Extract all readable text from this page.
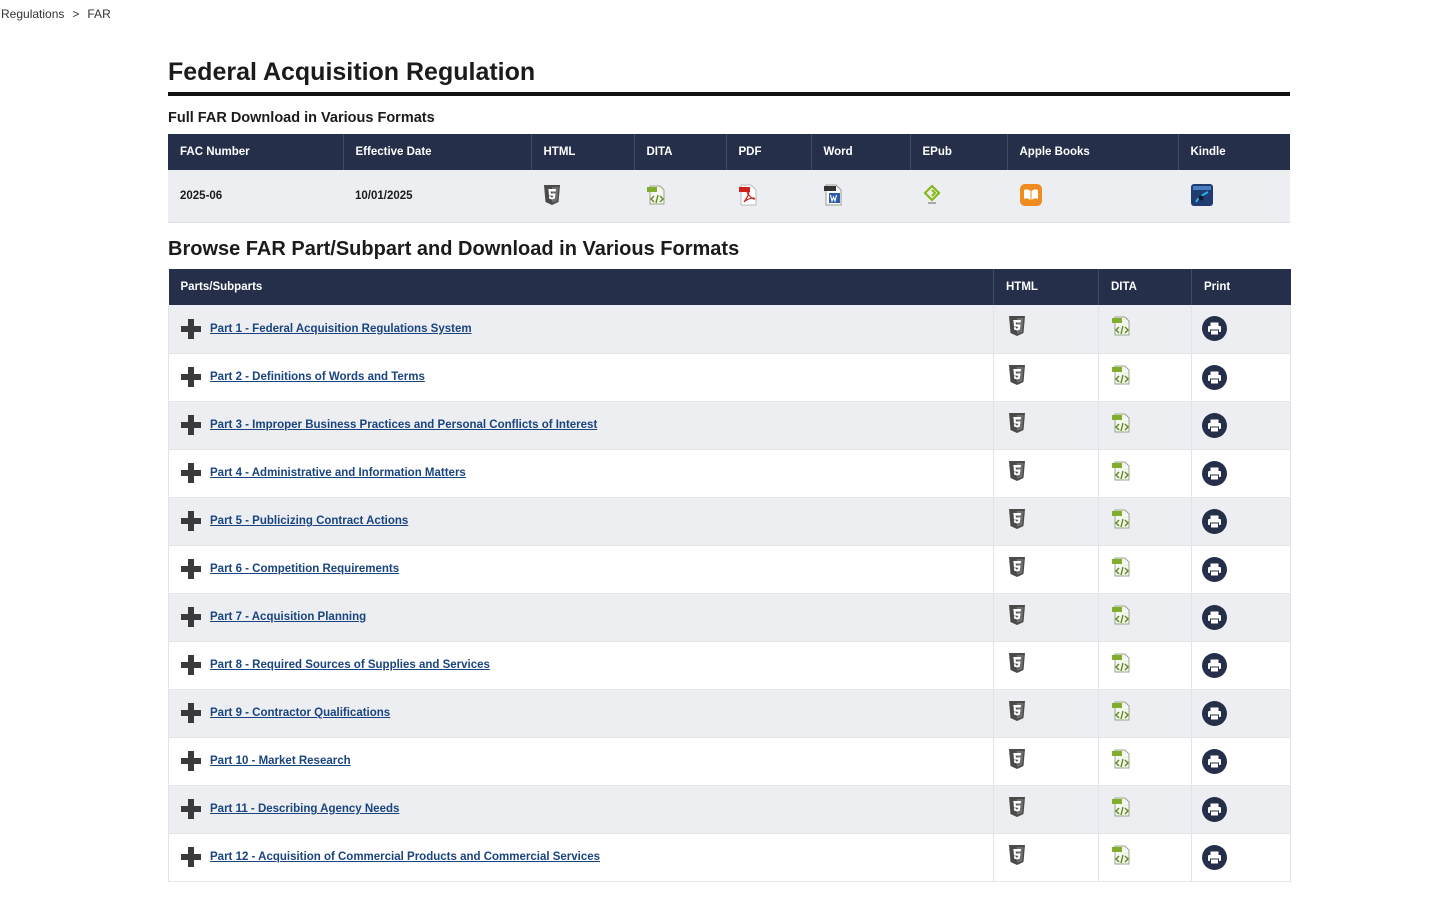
Regulations > FAR
Federal Acquisition Regulation
Full FAR Download in Various Formats
FAC Number	Effective Date	HTML	DITA	PDF	Word	EPub	Apple Books	Kindle
2025-06	10/01/2025							
Browse FAR Part/Subpart and Download in Various Formats
Parts/Subparts	HTML	DITA	Print
Part 1 - Federal Acquisition Regulations System			

Part 2 - Definitions of Words and Terms			

Part 3 - Improper Business Practices and Personal Conflicts of Interest			

Part 4 - Administrative and Information Matters			

Part 5 - Publicizing Contract Actions			

Part 6 - Competition Requirements			

Part 7 - Acquisition Planning			

Part 8 - Required Sources of Supplies and Services			

Part 9 - Contractor Qualifications			

Part 10 - Market Research			

Part 11 - Describing Agency Needs			

Part 12 - Acquisition of Commercial Products and Commercial Services			
